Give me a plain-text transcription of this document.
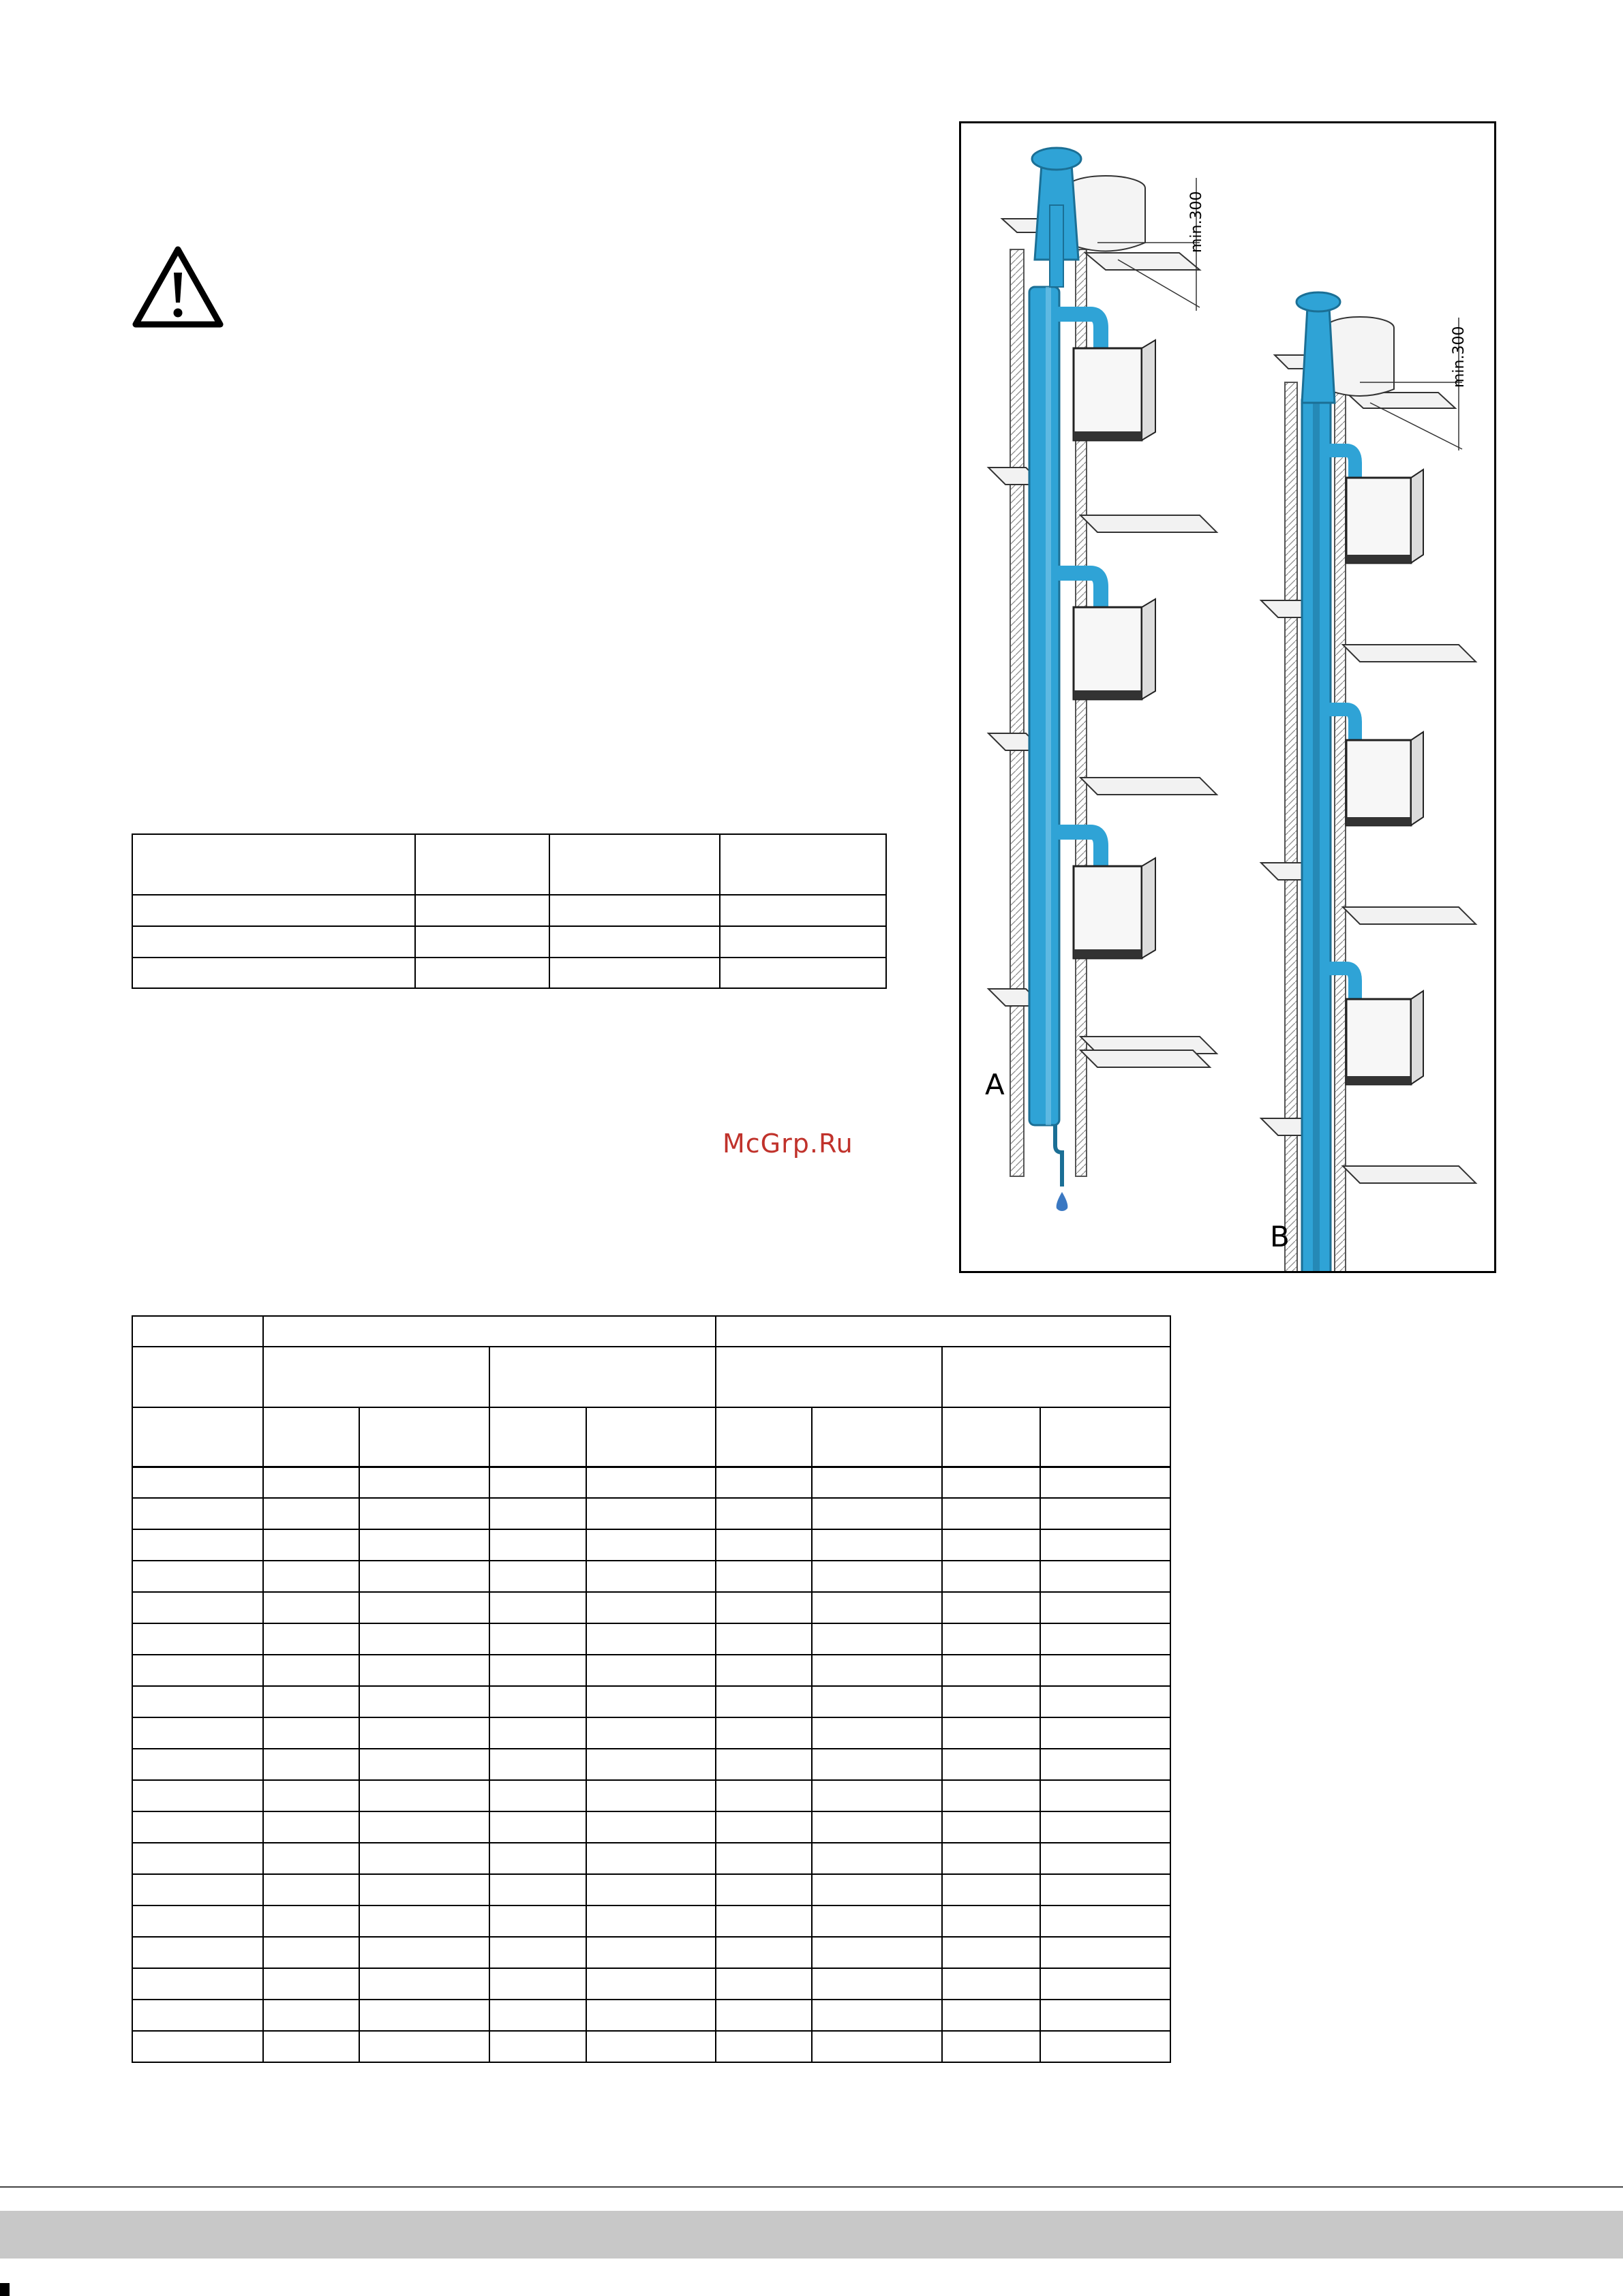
McGrp.Ru
min.300
A
min.300
B
